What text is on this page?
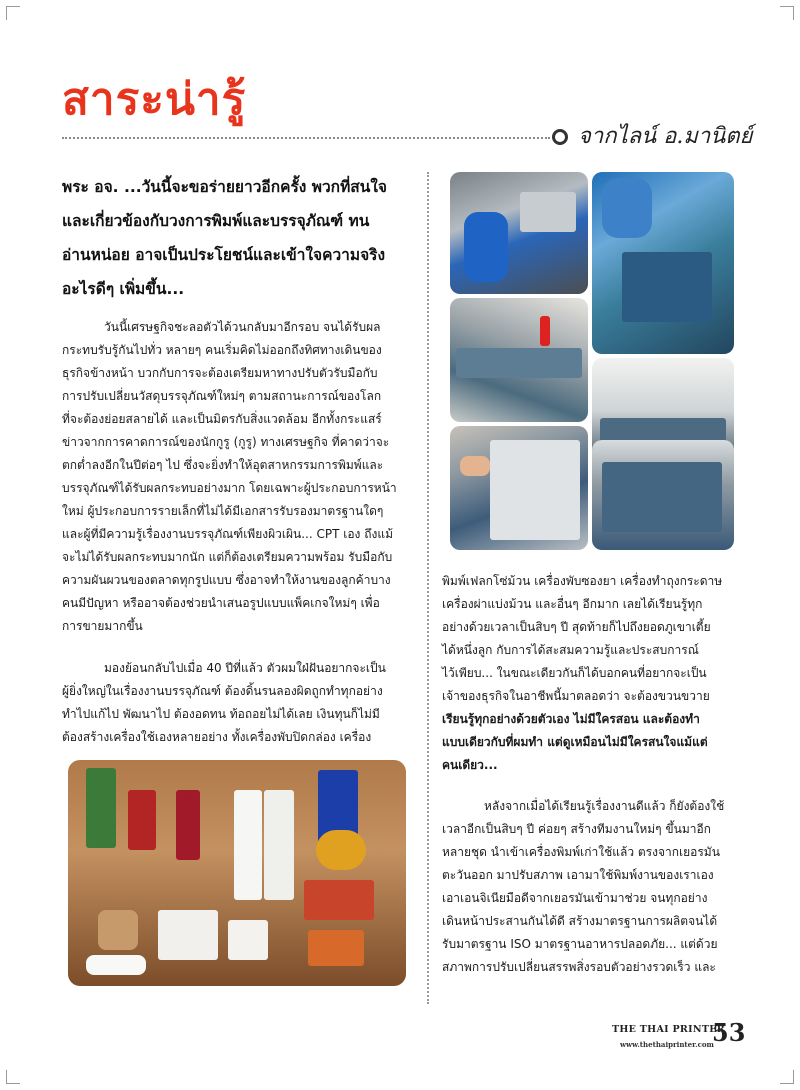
สาระน่ารู้
จากไลน์ อ.มานิตย์
พระ อจ. ...วันนี้จะขอร่ายยาวอีกครั้ง พวกที่สนใจ
และเกี่ยวข้องกับวงการพิมพ์และบรรจุภัณฑ์ ทน
อ่านหน่อย อาจเป็นประโยชน์และเข้าใจความจริง
อะไรดีๆ เพิ่มขึ้น...
วันนี้เศรษฐกิจชะลอตัวได้วนกลับมาอีกรอบ จนได้รับผล
กระทบรับรู้กันไปทั่ว หลายๆ คนเริ่มคิดไม่ออกถึงทิศทางเดินของ
ธุรกิจข้างหน้า บวกกับการจะต้องเตรียมหาทางปรับตัวรับมือกับ
การปรับเปลี่ยนวัสดุบรรจุภัณฑ์ใหม่ๆ ตามสถานะการณ์ของโลก
ที่จะต้องย่อยสลายได้ และเป็นมิตรกับสิ่งแวดล้อม อีกทั้งกระแสร์
ข่าวจากการคาดการณ์ของนักกูรู (กูรู) ทางเศรษฐกิจ ที่คาดว่าจะ
ตกต่ำลงอีกในปีต่อๆ ไป ซึ่งจะยิ่งทำให้อุตสาหกรรมการพิมพ์และ
บรรจุภัณฑ์ได้รับผลกระทบอย่างมาก โดยเฉพาะผู้ประกอบการหน้า
ใหม่ ผู้ประกอบการรายเล็กที่ไม่ได้มีเอกสารรับรองมาตรฐานใดๆ
และผู้ที่มีความรู้เรื่องงานบรรจุภัณฑ์เพียงผิวเผิน... CPT เอง ถึงแม้
จะไม่ได้รับผลกระทบมากนัก แต่ก็ต้องเตรียมความพร้อม รับมือกับ
ความผันผวนของตลาดทุกรูปแบบ ซึ่งอาจทำให้งานของลูกค้าบาง
คนมีปัญหา หรืออาจต้องช่วยนำเสนอรูปแบบแพ็คเกจใหม่ๆ เพื่อ
การขายมากขึ้น
มองย้อนกลับไปเมื่อ 40 ปีที่แล้ว ตัวผมใฝ่ฝันอยากจะเป็น
ผู้ยิ่งใหญ่ในเรื่องงานบรรจุภัณฑ์ ต้องดิ้นรนลองผิดถูกทำทุกอย่าง
ทำไปแก้ไป พัฒนาไป ต้องอดทน ท้อถอยไม่ได้เลย เงินทุนก็ไม่มี
ต้องสร้างเครื่องใช้เองหลายอย่าง ทั้งเครื่องพับปิดกล่อง เครื่อง
พิมพ์เฟลกโซ่ม้วน เครื่องพับซองยา เครื่องทำถุงกระดาษ
เครื่องผ่าแบ่งม้วน และอื่นๆ อีกมาก เลยได้เรียนรู้ทุก
อย่างด้วยเวลาเป็นสิบๆ ปี สุดท้ายก็ไปถึงยอดภูเขาเตี้ย
ได้หนึ่งลูก กับการได้สะสมความรู้และประสบการณ์
ไว้เพียบ... ในขณะเดียวกันก็ได้บอกคนที่อยากจะเป็น
เจ้าของธุรกิจในอาชีพนี้มาตลอดว่า จะต้องขวนขวาย
เรียนรู้ทุกอย่างด้วยตัวเอง ไม่มีใครสอน และต้องทำ
แบบเดียวกับที่ผมทำ แต่ดูเหมือนไม่มีใครสนใจแม้แต่
คนเดียว...
หลังจากเมื่อได้เรียนรู้เรื่องงานดีแล้ว ก็ยังต้องใช้
เวลาอีกเป็นสิบๆ ปี ค่อยๆ สร้างทีมงานใหม่ๆ ขึ้นมาอีก
หลายชุด นำเข้าเครื่องพิมพ์เก่าใช้แล้ว ตรงจากเยอรมัน
ตะวันออก มาปรับสภาพ เอามาใช้พิมพ์งานของเราเอง
เอาเอนจิเนียมือดีจากเยอรมันเข้ามาช่วย จนทุกอย่าง
เดินหน้าประสานกันได้ดี สร้างมาตรฐานการผลิตจนได้
รับมาตรฐาน ISO มาตรฐานอาหารปลอดภัย... แต่ด้วย
สภาพการปรับเปลี่ยนสรรพสิ่งรอบตัวอย่างรวดเร็ว และ
THE THAI PRINTER
www.thethaiprinter.com
53
